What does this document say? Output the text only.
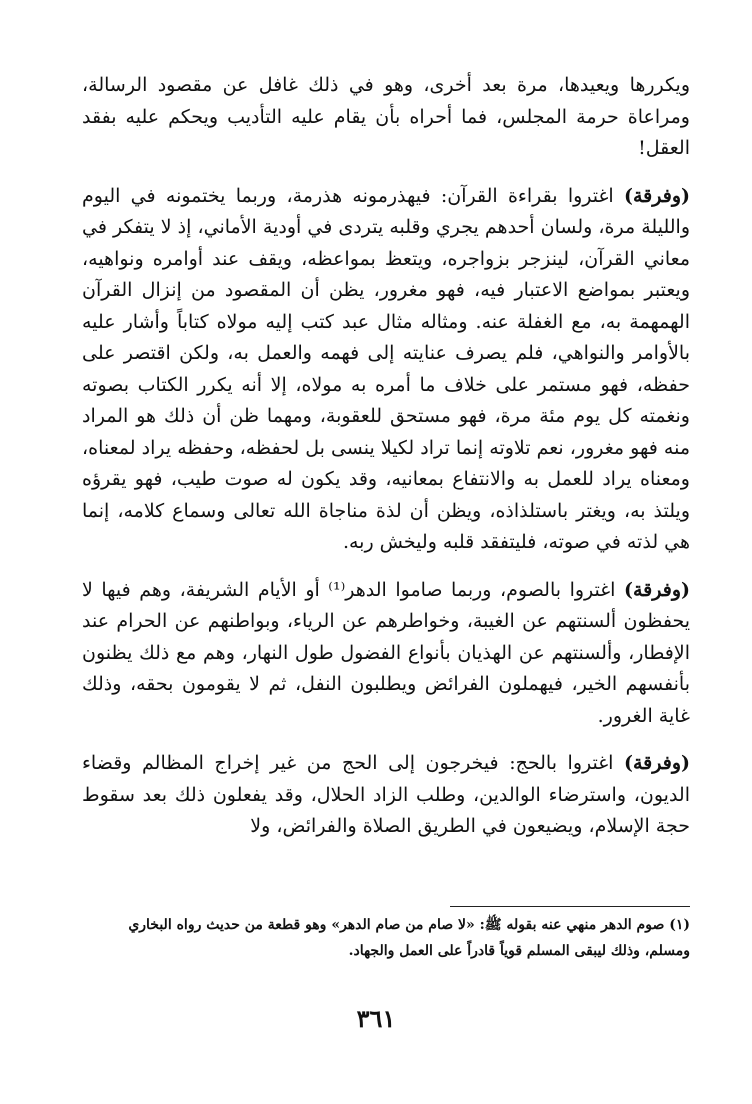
ويكررها ويعيدها، مرة بعد أخرى، وهو في ذلك غافل عن مقصود الرسالة، ومراعاة حرمة المجلس، فما أحراه بأن يقام عليه التأديب ويحكم عليه بفقد العقل!

(وفرقة) اغتروا بقراءة القرآن: فيهذرمونه هذرمة، وربما يختمونه في اليوم والليلة مرة، ولسان أحدهم يجري وقلبه يتردى في أودية الأماني، إذ لا يتفكر في معاني القرآن، لينزجر بزواجره، ويتعظ بمواعظه، ويقف عند أوامره ونواهيه، ويعتبر بمواضع الاعتبار فيه، فهو مغرور، يظن أن المقصود من إنزال القرآن الهمهمة به، مع الغفلة عنه. ومثاله مثال عبد كتب إليه مولاه كتاباً وأشار عليه بالأوامر والنواهي، فلم يصرف عنايته إلى فهمه والعمل به، ولكن اقتصر على حفظه، فهو مستمر على خلاف ما أمره به مولاه، إلا أنه يكرر الكتاب بصوته ونغمته كل يوم مئة مرة، فهو مستحق للعقوبة، ومهما ظن أن ذلك هو المراد منه فهو مغرور، نعم تلاوته إنما تراد لكيلا ينسى بل لحفظه، وحفظه يراد لمعناه، ومعناه يراد للعمل به والانتفاع بمعانيه، وقد يكون له صوت طيب، فهو يقرؤه ويلتذ به، ويغتر باستلذاذه، ويظن أن لذة مناجاة الله تعالى وسماع كلامه، إنما هي لذته في صوته، فليتفقد قلبه وليخش ربه.

(وفرقة) اغتروا بالصوم، وربما صاموا الدهر⁽¹⁾ أو الأيام الشريفة، وهم فيها لا يحفظون ألسنتهم عن الغيبة، وخواطرهم عن الرياء، وبواطنهم عن الحرام عند الإفطار، وألسنتهم عن الهذيان بأنواع الفضول طول النهار، وهم مع ذلك يظنون بأنفسهم الخير، فيهملون الفرائض ويطلبون النفل، ثم لا يقومون بحقه، وذلك غاية الغرور.

(وفرقة) اغتروا بالحج: فيخرجون إلى الحج من غير إخراج المظالم وقضاء الديون، واسترضاء الوالدين، وطلب الزاد الحلال، وقد يفعلون ذلك بعد سقوط حجة الإسلام، ويضيعون في الطريق الصلاة والفرائض، ولا

(١) صوم الدهر منهي عنه بقوله ﷺ: «لا صام من صام الدهر» وهو قطعة من حديث رواه البخاري ومسلم، وذلك ليبقى المسلم قوياً قادراً على العمل والجهاد.
٣٦١
